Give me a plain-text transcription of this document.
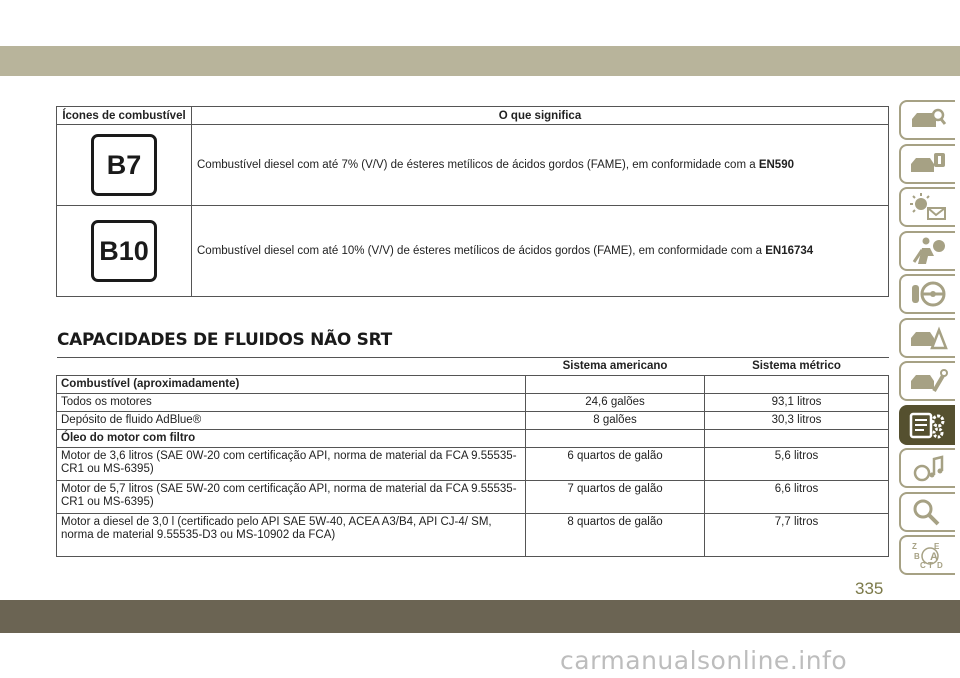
Ícones de combustível	O que significa
B7	Combustível diesel com até 7% (V/V) de ésteres metílicos de ácidos gordos (FAME), em conformidade com a EN590
B10	Combustível diesel com até 10% (V/V) de ésteres metílicos de ácidos gordos (FAME), em conformidade com a EN16734
CAPACIDADES DE FLUIDOS NÃO SRT
	Sistema americano	Sistema métrico
Combustível (aproximadamente)		
Todos os motores	24,6 galões	93,1 litros
Depósito de fluido AdBlue®	8 galões	30,3 litros
Óleo do motor com filtro		
Motor de 3,6 litros (SAE 0W-20 com certificação API, norma de material da FCA 9.55535-CR1 ou MS-6395)	6 quartos de galão	5,6 litros
Motor de 5,7 litros (SAE 5W-20 com certificação API, norma de material da FCA 9.55535-CR1 ou MS-6395)	7 quartos de galão	6,6 litros
Motor a diesel de 3,0 l (certificado pelo API SAE 5W-40, ACEA A3/B4, API CJ-4/ SM, norma de material 9.55535-D3 ou MS-10902 da FCA)	8 quartos de galão	7,7 litros
Z E
B A
C T D
335
carmanualsonline.info
